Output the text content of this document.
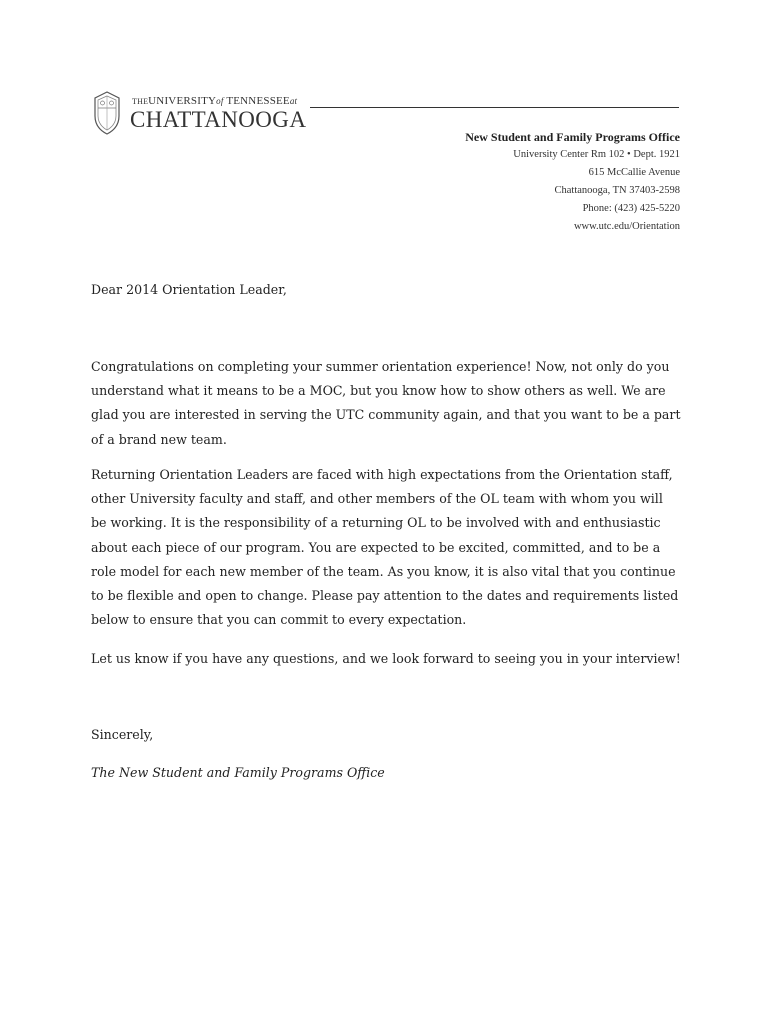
THEUNIVERSITYof TENNESSEEat
CHATTANOOGA
New Student and Family Programs Office
University Center Rm 102 • Dept. 1921
615 McCallie Avenue
Chattanooga, TN 37403-2598
Phone: (423) 425-5220
www.utc.edu/Orientation
Dear 2014 Orientation Leader,
Congratulations on completing your summer orientation experience! Now, not only do you understand what it means to be a MOC, but you know how to show others as well. We are glad you are interested in serving the UTC community again, and that you want to be a part of a brand new team.
Returning Orientation Leaders are faced with high expectations from the Orientation staff, other University faculty and staff, and other members of the OL team with whom you will be working. It is the responsibility of a returning OL to be involved with and enthusiastic about each piece of our program. You are expected to be excited, committed, and to be a role model for each new member of the team. As you know, it is also vital that you continue to be flexible and open to change. Please pay attention to the dates and requirements listed below to ensure that you can commit to every expectation.
Let us know if you have any questions, and we look forward to seeing you in your interview!
Sincerely,
The New Student and Family Programs Office
